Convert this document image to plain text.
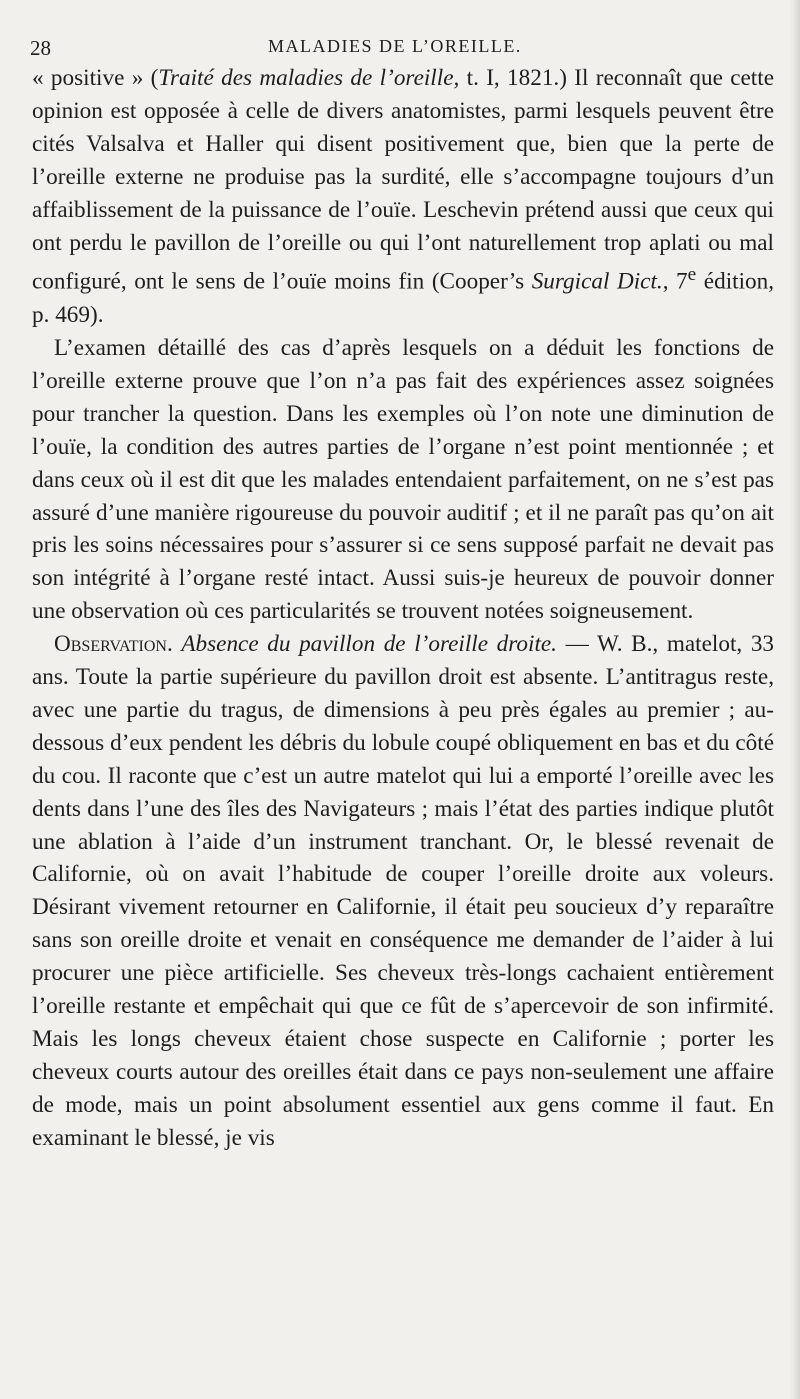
28	MALADIES DE L’OREILLE.

« positive » (Traité des maladies de l’oreille, t. I, 1821.) Il reconnaît que cette opinion est opposée à celle de divers anatomistes, parmi lesquels peuvent être cités Valsalva et Haller qui disent positivement que, bien que la perte de l’oreille externe ne produise pas la surdité, elle s’accompagne toujours d’un affaiblissement de la puissance de l’ouïe. Leschevin prétend aussi que ceux qui ont perdu le pavillon de l’oreille ou qui l’ont naturellement trop aplati ou mal configuré, ont le sens de l’ouïe moins fin (Cooper’s Surgical Dict., 7e édition, p. 469).

L’examen détaillé des cas d’après lesquels on a déduit les fonctions de l’oreille externe prouve que l’on n’a pas fait des expériences assez soignées pour trancher la question. Dans les exemples où l’on note une diminution de l’ouïe, la condition des autres parties de l’organe n’est point mentionnée ; et dans ceux où il est dit que les malades entendaient parfaitement, on ne s’est pas assuré d’une manière rigoureuse du pouvoir auditif ; et il ne paraît pas qu’on ait pris les soins nécessaires pour s’assurer si ce sens supposé parfait ne devait pas son intégrité à l’organe resté intact. Aussi suis-je heureux de pouvoir donner une observation où ces particularités se trouvent notées soigneusement.

Observation. Absence du pavillon de l’oreille droite. — W. B., matelot, 33 ans. Toute la partie supérieure du pavillon droit est absente. L’antitragus reste, avec une partie du tragus, de dimensions à peu près égales au premier ; au-dessous d’eux pendent les débris du lobule coupé obliquement en bas et du côté du cou. Il raconte que c’est un autre matelot qui lui a emporté l’oreille avec les dents dans l’une des îles des Navigateurs ; mais l’état des parties indique plutôt une ablation à l’aide d’un instrument tranchant. Or, le blessé revenait de Californie, où on avait l’habitude de couper l’oreille droite aux voleurs. Désirant vivement retourner en Californie, il était peu soucieux d’y reparaître sans son oreille droite et venait en conséquence me demander de l’aider à lui procurer une pièce artificielle. Ses cheveux très-longs cachaient entièrement l’oreille restante et empêchait qui que ce fût de s’apercevoir de son infirmité. Mais les longs cheveux étaient chose suspecte en Californie ; porter les cheveux courts autour des oreilles était dans ce pays non-seulement une affaire de mode, mais un point absolument essentiel aux gens comme il faut. En examinant le blessé, je vis
